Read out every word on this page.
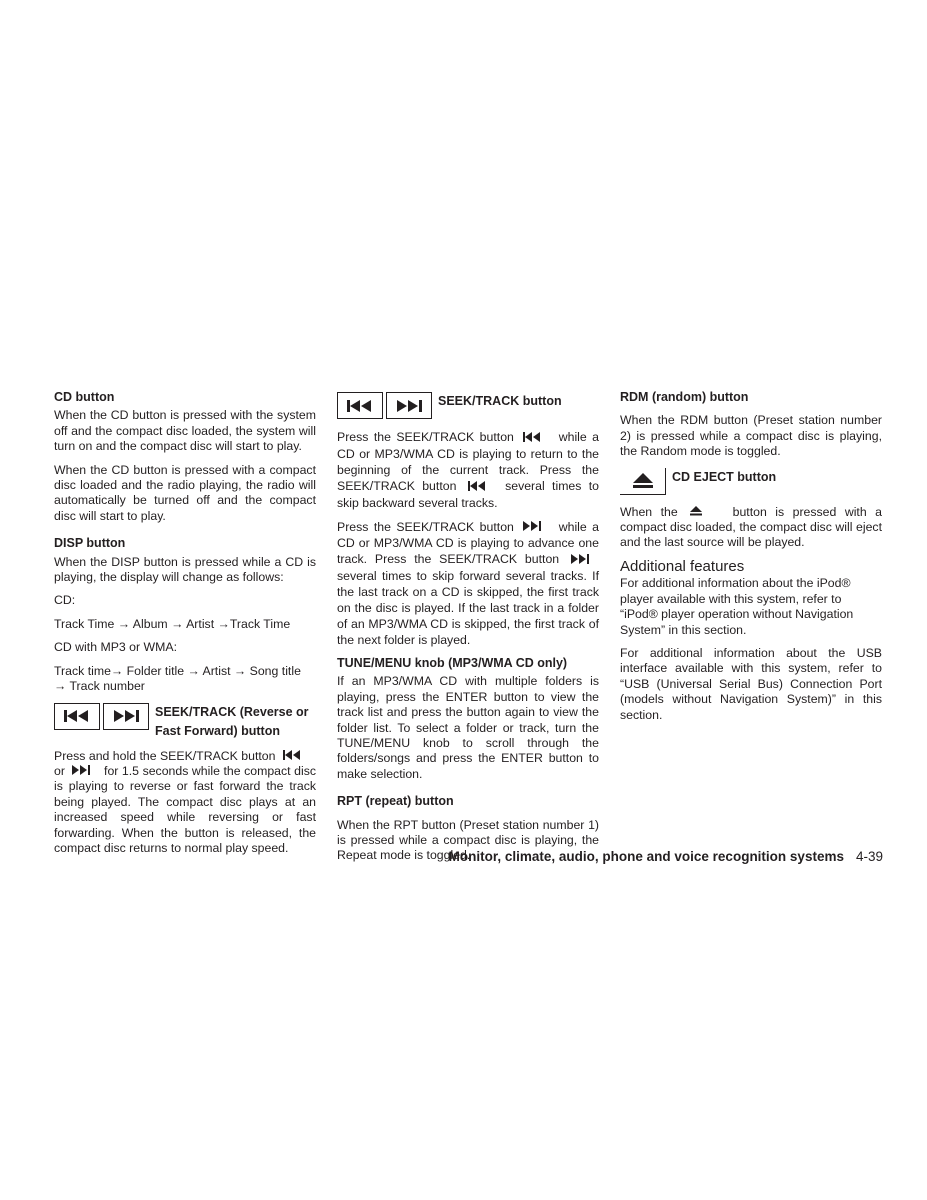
CD button

When the CD button is pressed with the system off and the compact disc loaded, the system will turn on and the compact disc will start to play.

When the CD button is pressed with a compact disc loaded and the radio playing, the radio will automatically be turned off and the compact disc will start to play.

DISP button

When the DISP button is pressed while a CD is playing, the display will change as follows:

CD:

Track Time → Album → Artist →Track Time

CD with MP3 or WMA:

Track time→ Folder title → Artist → Song title → Track number

SEEK/TRACK (Reverse or
Fast Forward) button

Press and hold the SEEK/TRACK button
or	for 1.5 seconds while the compact disc is playing to reverse or fast forward the track being played. The compact disc plays at an increased speed while reversing or fast forwarding. When the button is released, the compact disc returns to normal play speed.

SEEK/TRACK button

Press the SEEK/TRACK button	while a CD or MP3/WMA CD is playing to return to the beginning of the current track. Press the SEEK/TRACK button	several times to skip backward several tracks.

Press the SEEK/TRACK button	while a CD or MP3/WMA CD is playing to advance one track. Press the SEEK/TRACK button  several times to skip forward several tracks. If the last track on a CD is skipped, the first track on the disc is played. If the last track in a folder of an MP3/WMA CD is skipped, the first track of the next folder is played.

TUNE/MENU knob (MP3/WMA CD only)

If an MP3/WMA CD with multiple folders is playing, press the ENTER button to view the track list and press the button again to view the folder list. To select a folder or track, turn the TUNE/MENU knob to scroll through the folders/songs and press the ENTER button to make selection.

RPT (repeat) button

When the RPT button (Preset station number 1) is pressed while a compact disc is playing, the Repeat mode is toggled.

RDM (random) button

When the RDM button (Preset station number 2) is pressed while a compact disc is playing, the Random mode is toggled.

CD EJECT button

When the	button is pressed with a compact disc loaded, the compact disc will eject and the last source will be played.

Additional features

For additional information about the iPod® player available with this system, refer to “iPod® player operation without Navigation System” in this section.

For additional information about the USB interface available with this system, refer to “USB (Universal Serial Bus) Connection Port (models without Navigation System)” in this section.

Monitor, climate, audio, phone and voice recognition systems 4-39
